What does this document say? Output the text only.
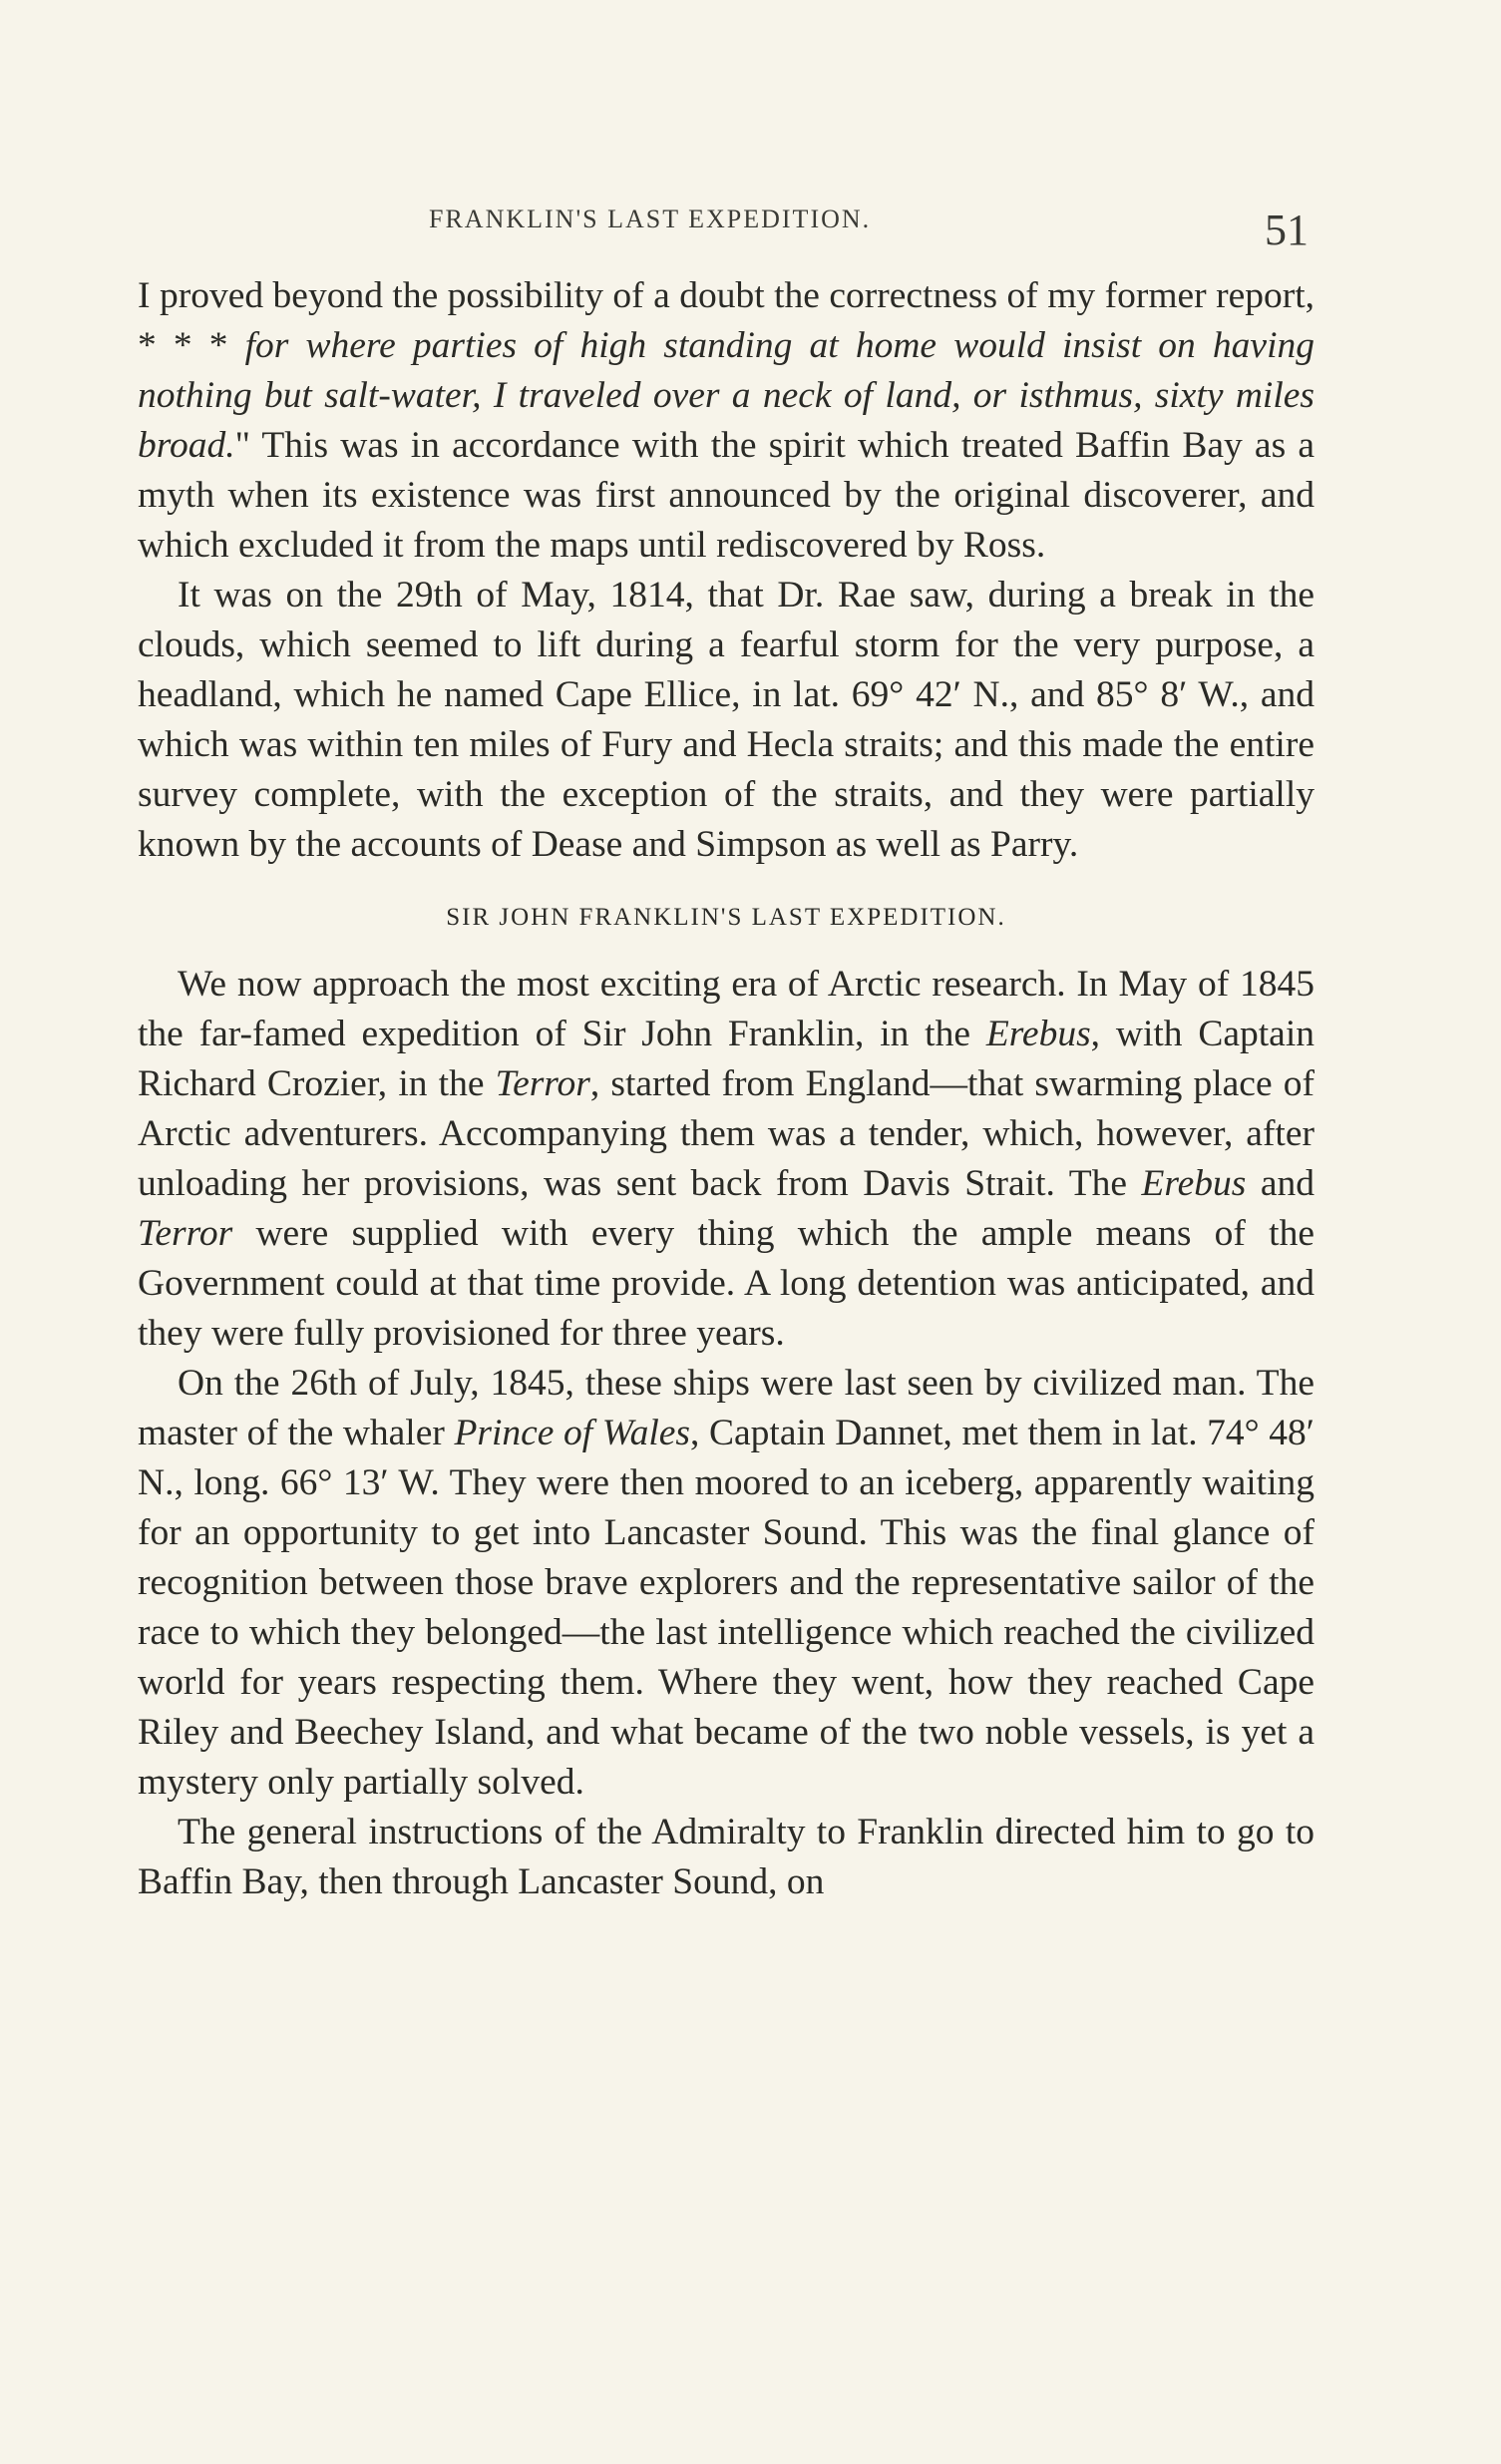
FRANKLIN'S LAST EXPEDITION.	51

I proved beyond the possibility of a doubt the correctness of my former report, * * * for where parties of high standing at home would insist on having nothing but salt-water, I traveled over a neck of land, or isthmus, sixty miles broad." This was in accordance with the spirit which treated Baffin Bay as a myth when its existence was first announced by the original discoverer, and which excluded it from the maps until rediscovered by Ross.

It was on the 29th of May, 1814, that Dr. Rae saw, during a break in the clouds, which seemed to lift during a fearful storm for the very purpose, a headland, which he named Cape Ellice, in lat. 69° 42′ N., and 85° 8′ W., and which was within ten miles of Fury and Hecla straits; and this made the entire survey complete, with the exception of the straits, and they were partially known by the accounts of Dease and Simpson as well as Parry.

SIR JOHN FRANKLIN'S LAST EXPEDITION.

We now approach the most exciting era of Arctic research. In May of 1845 the far-famed expedition of Sir John Franklin, in the Erebus, with Captain Richard Crozier, in the Terror, started from England—that swarming place of Arctic adventurers. Accompanying them was a tender, which, however, after unloading her provisions, was sent back from Davis Strait. The Erebus and Terror were supplied with every thing which the ample means of the Government could at that time provide. A long detention was anticipated, and they were fully provisioned for three years.

On the 26th of July, 1845, these ships were last seen by civilized man. The master of the whaler Prince of Wales, Captain Dannet, met them in lat. 74° 48′ N., long. 66° 13′ W. They were then moored to an iceberg, apparently waiting for an opportunity to get into Lancaster Sound. This was the final glance of recognition between those brave explorers and the representative sailor of the race to which they belonged—the last intelligence which reached the civilized world for years respecting them. Where they went, how they reached Cape Riley and Beechey Island, and what became of the two noble vessels, is yet a mystery only partially solved.

The general instructions of the Admiralty to Franklin directed him to go to Baffin Bay, then through Lancaster Sound, on
